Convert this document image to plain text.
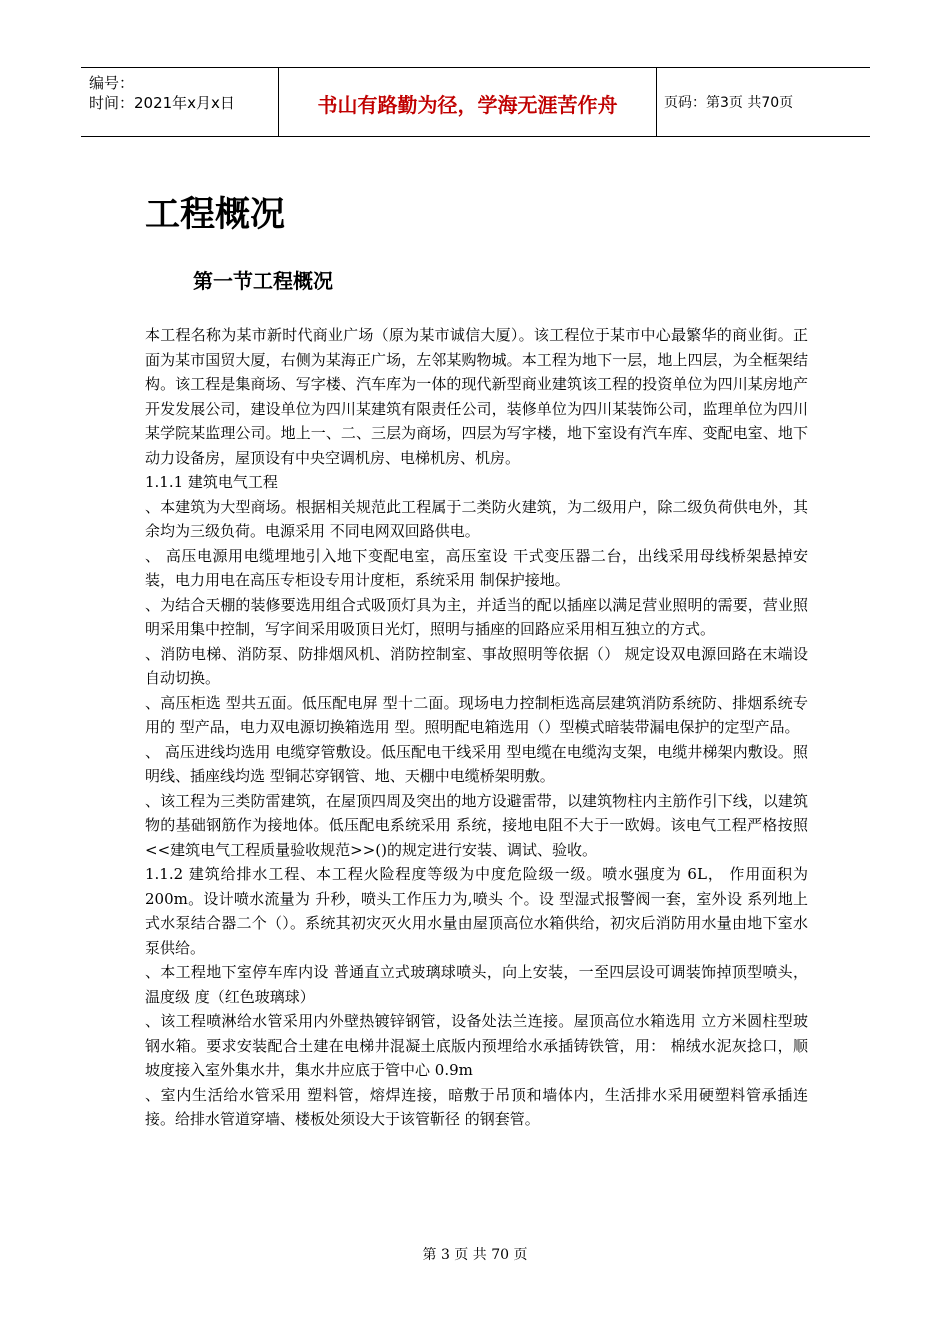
编号：
时间：2021年x月x日	书山有路勤为径，学海无涯苦作舟	页码：第3页 共70页
工程概况
第一节工程概况

本工程名称为某市新时代商业广场（原为某市诚信大厦）。该工程位于某市中心最繁华的商业街。正面为某市国贸大厦，右侧为某海正广场，左邻某购物城。本工程为地下一层，地上四层，为全框架结构。该工程是集商场、写字楼、汽车库为一体的现代新型商业建筑该工程的投资单位为四川某房地产开发发展公司，建设单位为四川某建筑有限责任公司，装修单位为四川某装饰公司，监理单位为四川某学院某监理公司。地上一、二、三层为商场，四层为写字楼，地下室设有汽车库、变配电室、地下动力设备房，屋顶设有中央空调机房、电梯机房、机房。

1.1.1 建筑电气工程

、本建筑为大型商场。根据相关规范此工程属于二类防火建筑，为二级用户，除二级负荷供电外，其余均为三级负荷。电源采用 不同电网双回路供电。

、 高压电源用电缆埋地引入地下变配电室，高压室设 干式变压器二台，出线采用母线桥架悬掉安装，电力用电在高压专柜设专用计度柜，系统采用 制保护接地。

、为结合天棚的装修要选用组合式吸顶灯具为主，并适当的配以插座以满足营业照明的需要，营业照明采用集中控制，写字间采用吸顶日光灯，照明与插座的回路应采用相互独立的方式。

、消防电梯、消防泵、防排烟风机、消防控制室、事故照明等依据（） 规定设双电源回路在末端设自动切换。

、高压柜选 型共五面。低压配电屏 型十二面。现场电力控制柜选高层建筑消防系统防、排烟系统专用的 型产品，电力双电源切换箱选用 型。照明配电箱选用（）型模式暗装带漏电保护的定型产品。

、 高压进线均选用 电缆穿管敷设。低压配电干线采用 型电缆在电缆沟支架，电缆井梯架内敷设。照明线、插座线均选 型铜芯穿钢管、地、天棚中电缆桥架明敷。

、该工程为三类防雷建筑，在屋顶四周及突出的地方设避雷带，以建筑物柱内主筋作引下线，以建筑物的基础钢筋作为接地体。低压配电系统采用 系统，接地电阻不大于一欧姆。该电气工程严格按照<<建筑电气工程质量验收规范>>()的规定进行安装、调试、验收。

1.1.2 建筑给排水工程、本工程火险程度等级为中度危险级一级。喷水强度为 6L， 作用面积为 200m。设计喷水流量为 升秒，喷头工作压力为,喷头 个。设 型湿式报警阀一套，室外设 系列地上式水泵结合器二个（）。系统其初灾灭火用水量由屋顶高位水箱供给，初灾后消防用水量由地下室水泵供给。

、本工程地下室停车库内设 普通直立式玻璃球喷头，向上安装，一至四层设可调装饰掉顶型喷头，温度级 度（红色玻璃球）

、该工程喷淋给水管采用内外壁热镀锌钢管，设备处法兰连接。屋顶高位水箱选用 立方米圆柱型玻钢水箱。要求安装配合土建在电梯井混凝土底版内预埋给水承插铸铁管，用： 棉绒水泥灰捻口，顺坡度接入室外集水井，集水井应底于管中心 0.9m

、室内生活给水管采用 塑料管，熔焊连接，暗敷于吊顶和墙体内，生活排水采用硬塑料管承插连接。给排水管道穿墙、楼板处须设大于该管靳径 的钢套管。

第 3 页 共 70 页
